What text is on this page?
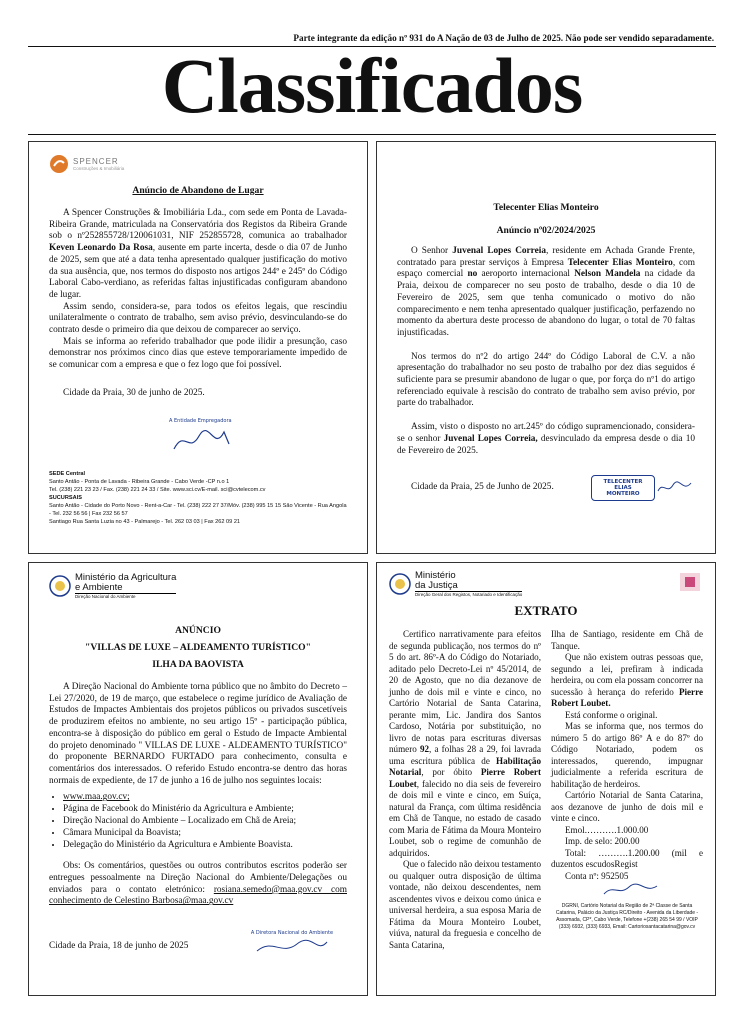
Parte integrante da edição nº 931 do A Nação de 03 de Julho de 2025. Não pode ser vendido separadamente.
Classificados
SPENCER
Construções & Imobiliária
Anúncio de Abandono de Lugar

A Spencer Construções & Imobiliária Lda., com sede em Ponta de Lavada-Ribeira Grande, matriculada na Conservatória dos Registos da Ribeira Grande sob o nº252855728/120061031, NIF 252855728, comunica ao trabalhador Keven Leonardo Da Rosa, ausente em parte incerta, desde o dia 07 de Junho de 2025, sem que até a data tenha apresentado qualquer justificação do motivo da sua ausência, que, nos termos do disposto nos artigos 244º e 245º do Código Laboral Cabo-verdiano, as referidas faltas injustificadas configuram abandono de lugar.

Assim sendo, considera-se, para todos os efeitos legais, que rescindiu unilateralmente o contrato de trabalho, sem aviso prévio, desvinculando-se do contrato desde o primeiro dia que deixou de comparecer ao serviço.

Mais se informa ao referido trabalhador que pode ilidir a presunção, caso demonstrar nos próximos cinco dias que esteve temporariamente impedido de se comunicar com a empresa e que o fez logo que foi possível.

Cidade da Praia, 30 de junho de 2025.

A Entidade Empregadora
SEDE Central
Santo Antão - Ponta de Lavada - Ribeira Grande - Cabo Verde -CP n.o 1
Tel. (238) 221 23 23 / Fax. (238) 221 24 33 / Site. www.sci.cv/E-mail. sci@cvtelecom.cv
SUCURSAIS
Santo Antão - Cidade do Porto Novo - Rent-a-Car - Tel. (238) 222 27 37/Móv. (238) 995 15 15 São Vicente - Rua Angola - Tel. 232 56 56 | Fax 232 56 57
Santiago Rua Santa Luzia no 43 - Palmarejo - Tel. 262 03 03 | Fax 262 09 21
Telecenter Elias Monteiro
Anúncio nº02/2024/2025

O Senhor Juvenal Lopes Correia, residente em Achada Grande Frente, contratado para prestar serviços à Empresa Telecenter Elias Monteiro, com espaço comercial no aeroporto internacional Nelson Mandela na cidade da Praia, deixou de comparecer no seu posto de trabalho, desde o dia 10 de Fevereiro de 2025, sem que tenha comunicado o motivo do não comparecimento e nem tenha apresentado qualquer justificação, perfazendo no momento da abertura deste processo de abandono do lugar, o total de 70 faltas injustificadas.

Nos termos do nº2 do artigo 244º do Código Laboral de C.V. a não apresentação do trabalhador no seu posto de trabalho por dez dias seguidos é suficiente para se presumir abandono de lugar o que, por força do nº1 do artigo referenciado equivale à rescisão do contrato de trabalho sem aviso prévio, por parte do trabalhador.

Assim, visto o disposto no art.245º do código supramencionado, considera-se o senhor Juvenal Lopes Correia, desvinculado da empresa desde o dia 10 de Fevereiro de 2025.

Cidade da Praia, 25 de Junho de 2025.

TELECENTER ELIAS MONTEIRO
Ministério da Agricultura
e Ambiente
Direção Nacional do Ambiente
ANÚNCIO
"VILLAS DE LUXE – ALDEAMENTO TURÍSTICO"
ILHA DA BAOVISTA

A Direção Nacional do Ambiente torna público que no âmbito do Decreto – Lei 27/2020, de 19 de março, que estabelece o regime jurídico de Avaliação de Estudos de Impactes Ambientais dos projetos públicos ou privados suscetíveis de produzirem efeitos no ambiente, no seu artigo 15º - participação pública, encontra-se à disposição do público em geral o Estudo de Impacte Ambiental do projeto denominado " VILLAS DE LUXE - ALDEAMENTO TURÍSTICO" do proponente BERNARDO FURTADO para conhecimento, consulta e comentários dos interessados. O referido Estudo encontra-se dentro das horas normais de expediente, de 17 de junho a 16 de julho nos seguintes locais:

• www.maa.gov.cv;
• Página de Facebook do Ministério da Agricultura e Ambiente;
• Direção Nacional do Ambiente – Localizado em Chã de Areia;
• Câmara Municipal da Boavista;
• Delegação do Ministério da Agricultura e Ambiente Boavista.

Obs: Os comentários, questões ou outros contributos escritos poderão ser entregues pessoalmente na Direção Nacional do Ambiente/Delegações ou enviados para o contato eletrónico: rosiana.semedo@maa.gov.cv com conhecimento de Celestino Barbosa@maa.gov.cv

Cidade da Praia, 18 de junho de 2025

A Diretora Nacional do Ambiente
Ministério
da Justiça
Direção Geral dos Registos, Notariado e Identificação
EXTRATO

Certifico narrativamente para efeitos de segunda publicação, nos termos do nº 5 do art. 86º-A do Código do Notariado, aditado pelo Decreto-Lei nº 45/2014, de 20 de Agosto, que no dia dezanove de junho de dois mil e vinte e cinco, no Cartório Notarial de Santa Catarina, perante mim, Lic. Jandira dos Santos Cardoso, Notária por substituição, no livro de notas para escrituras diversas número 92, a folhas 28 a 29, foi lavrada uma escritura pública de Habilitação Notarial, por óbito Pierre Robert Loubet, falecido no dia seis de fevereiro de dois mil e vinte e cinco, em Suíça, natural da França, com última residência em Chã de Tanque, no estado de casado com Maria de Fátima da Moura Monteiro Loubet, sob o regime de comunhão de adquiridos.

Que o falecido não deixou testamento ou qualquer outra disposição de última vontade, não deixou descendentes, nem ascendentes vivos e deixou como única e universal herdeira, a sua esposa Maria de Fátima da Moura Monteiro Loubet, viúva, natural da freguesia e concelho de Santa Catarina,

Ilha de Santiago, residente em Chã de Tanque.

Que não existem outras pessoas que, segundo a lei, prefiram à indicada herdeira, ou com ela possam concorrer na sucessão à herança do referido Pierre Robert Loubet.

Está conforme o original.

Mas se informa que, nos termos do número 5 do artigo 86º A e do 87º do Código Notariado, podem os interessados, querendo, impugnar judicialmente a referida escritura de habilitação de herdeiros.

Cartório Notarial de Santa Catarina, aos dezanove de junho de dois mil e vinte e cinco.

Emol.……….1.000.00

Imp. de selo: 200.00

Total: ……….1.200.00 (mil e duzentos escudosRegist

Conta nº: 952505

DGRNI, Cartório Notarial da Região de 2ª Classe de Santa Catarina, Palácio da Justiça RC/Direito - Avenida da Liberdade - Assomada, CP*, Cabo Verde, Telefone +(238) 265 54 99 / VOIP (333) 6932, (333) 6933, Email: Cartoriosantacatarina@gov.cv
